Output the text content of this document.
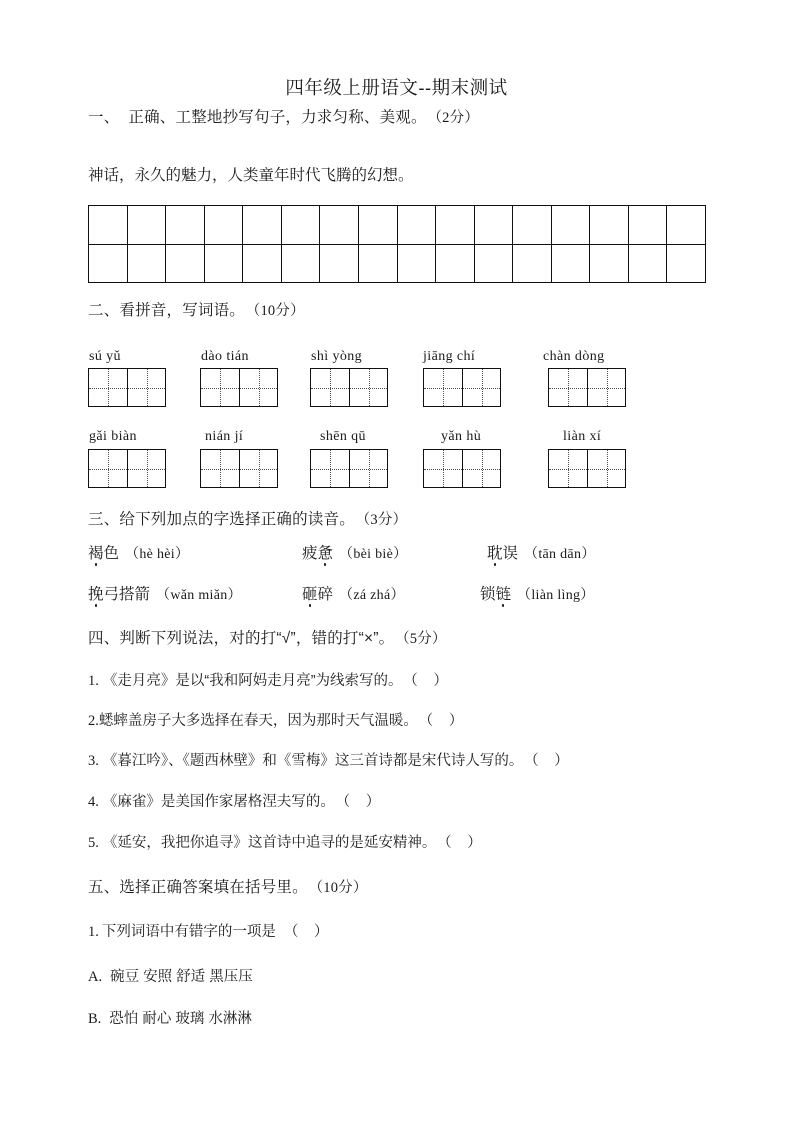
四年级上册语文--期末测试
一、 正确、工整地抄写句子，力求匀称、美观。 （2分）
神话，永久的魅力，人类童年时代飞腾的幻想。
二、看拼音，写词语。 （10分）
sú yǔ	dào tián	shì yòng	jiāng chí	chàn dòng
gǎi biàn	nián jí	shēn qū	yǎn hù	liàn xí
三、给下列加点的字选择正确的读音。 （3分）
褐色 （hè hèi）	疲惫 （bèi biè）	耽误 （tān dān）
挽弓搭箭 （wǎn miǎn）	砸碎 （zá zhá）	锁链 （liàn lìng）
四、判断下列说法，对的打“√”，错的打“×”。 （5分）
1. 《走月亮》是以“我和阿妈走月亮”为线索写的。 （ ）
2.蟋蟀盖房子大多选择在春天，因为那时天气温暖。 （ ）
3. 《暮江吟》、《题西林壁》和《雪梅》这三首诗都是宋代诗人写的。 （ ）
4. 《麻雀》是美国作家屠格涅夫写的。 （ ）
5. 《延安，我把你追寻》这首诗中追寻的是延安精神。 （ ）
五、选择正确答案填在括号里。 （10分）
1. 下列词语中有错字的一项是 （ ）
A. 碗豆 安照 舒适 黑压压
B. 恐怕 耐心 玻璃 水淋淋
